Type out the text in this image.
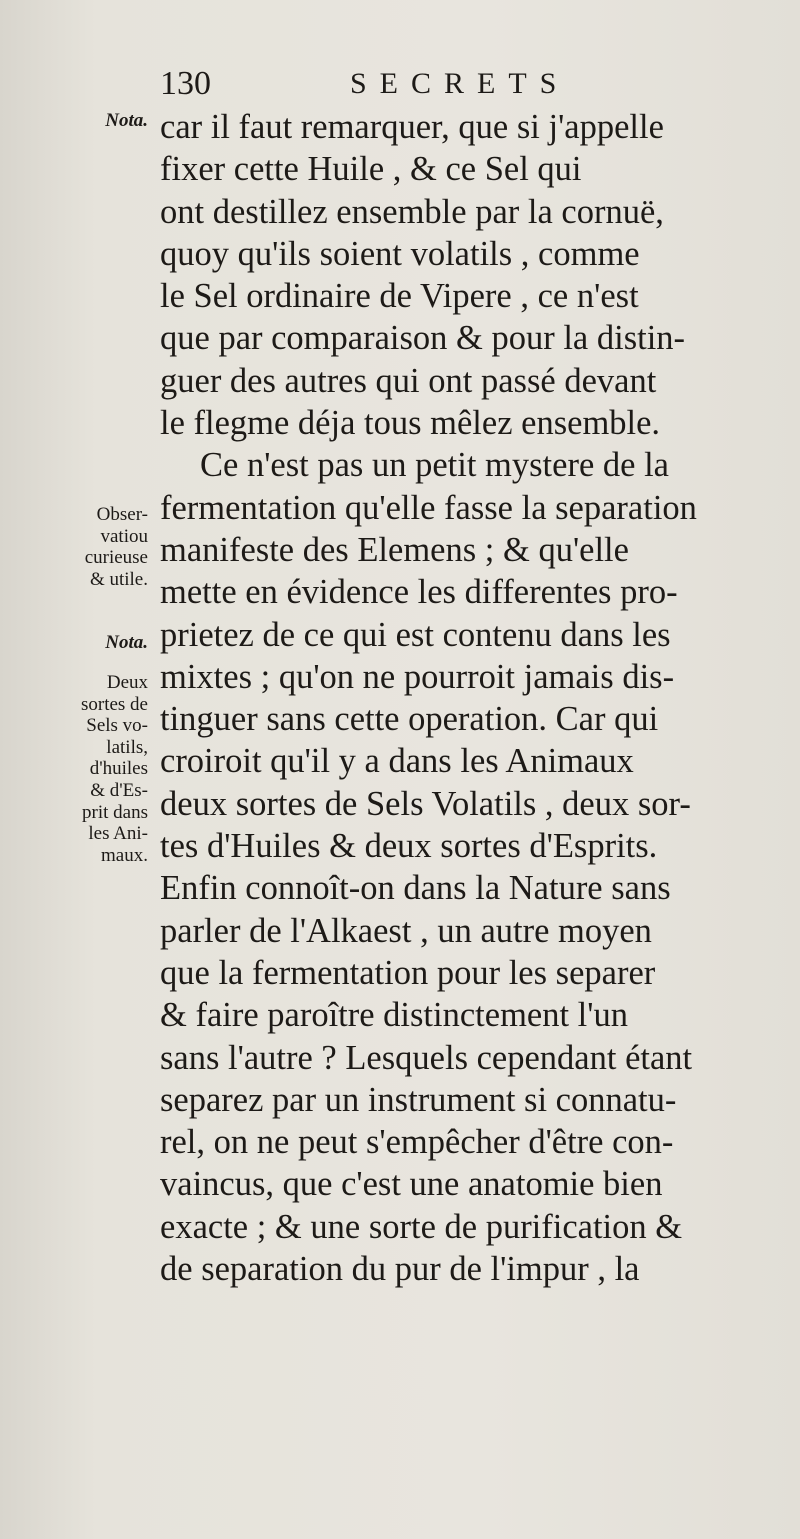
130	SECRETS
Nota.
Obser-
vatiou
curieuse
& utile.
Nota.
Deux
sortes de
Sels vo-
latils,
d'huiles
& d'Es-
prit dans
les Ani-
maux.
car il faut remarquer, que si j'appelle
fixer cette Huile , & ce Sel qui
ont destillez ensemble par la cornuë,
quoy qu'ils soient volatils , comme
le Sel ordinaire de Vipere , ce n'est
que par comparaison & pour la distin-
guer des autres qui ont passé devant
le flegme déja tous mêlez ensemble.
Ce n'est pas un petit mystere de la
fermentation qu'elle fasse la separation
manifeste des Elemens ; & qu'elle
mette en évidence les differentes pro-
prietez de ce qui est contenu dans les
mixtes ; qu'on ne pourroit jamais dis-
tinguer sans cette operation. Car qui
croiroit qu'il y a dans les Animaux
deux sortes de Sels Volatils , deux sor-
tes d'Huiles & deux sortes d'Esprits.
Enfin connoît-on dans la Nature sans
parler de l'Alkaest , un autre moyen
que la fermentation pour les separer
& faire paroître distinctement l'un
sans l'autre ? Lesquels cependant étant
separez par un instrument si connatu-
rel, on ne peut s'empêcher d'être con-
vaincus, que c'est une anatomie bien
exacte ; & une sorte de purification &
de separation du pur de l'impur , la
